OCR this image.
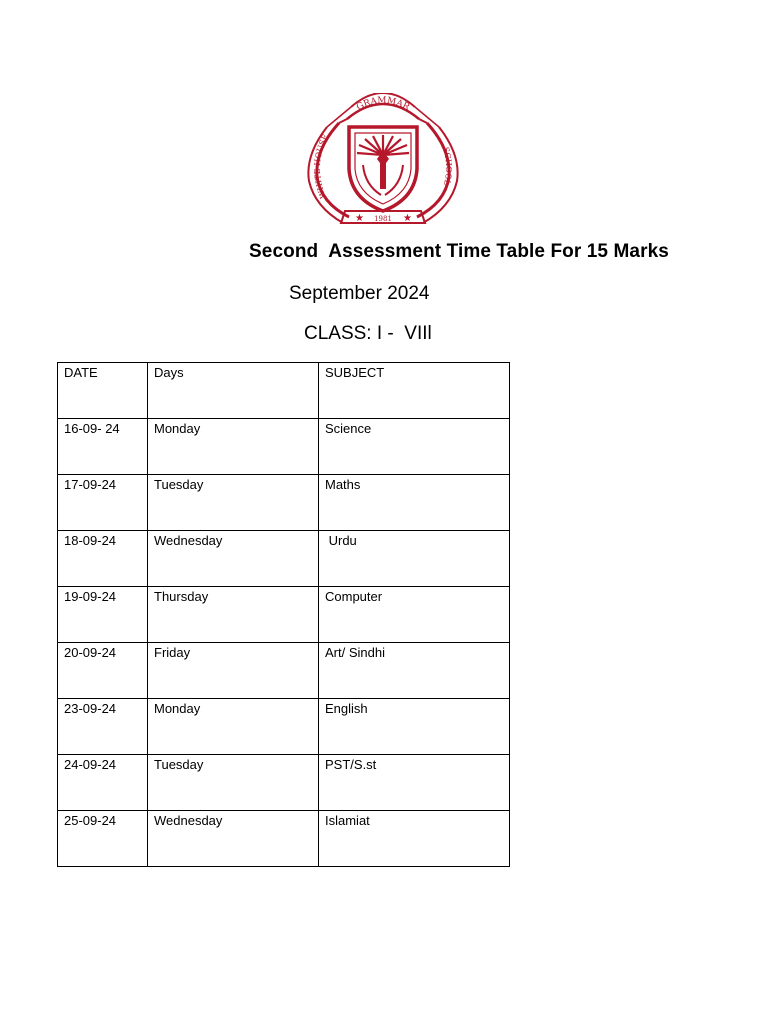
★	★
GRAMMAR
WHITE HOUSE
SCHOOL
1981
Second  Assessment Time Table For 15 Marks
September 2024
CLASS: I -  VIIl
DATE	Days	SUBJECT
16-09- 24	Monday	Science
17-09-24	Tuesday	Maths
18-09-24	Wednesday	Urdu
19-09-24	Thursday	Computer
20-09-24	Friday	Art/ Sindhi
23-09-24	Monday	English
24-09-24	Tuesday	PST/S.st
25-09-24	Wednesday	Islamiat
